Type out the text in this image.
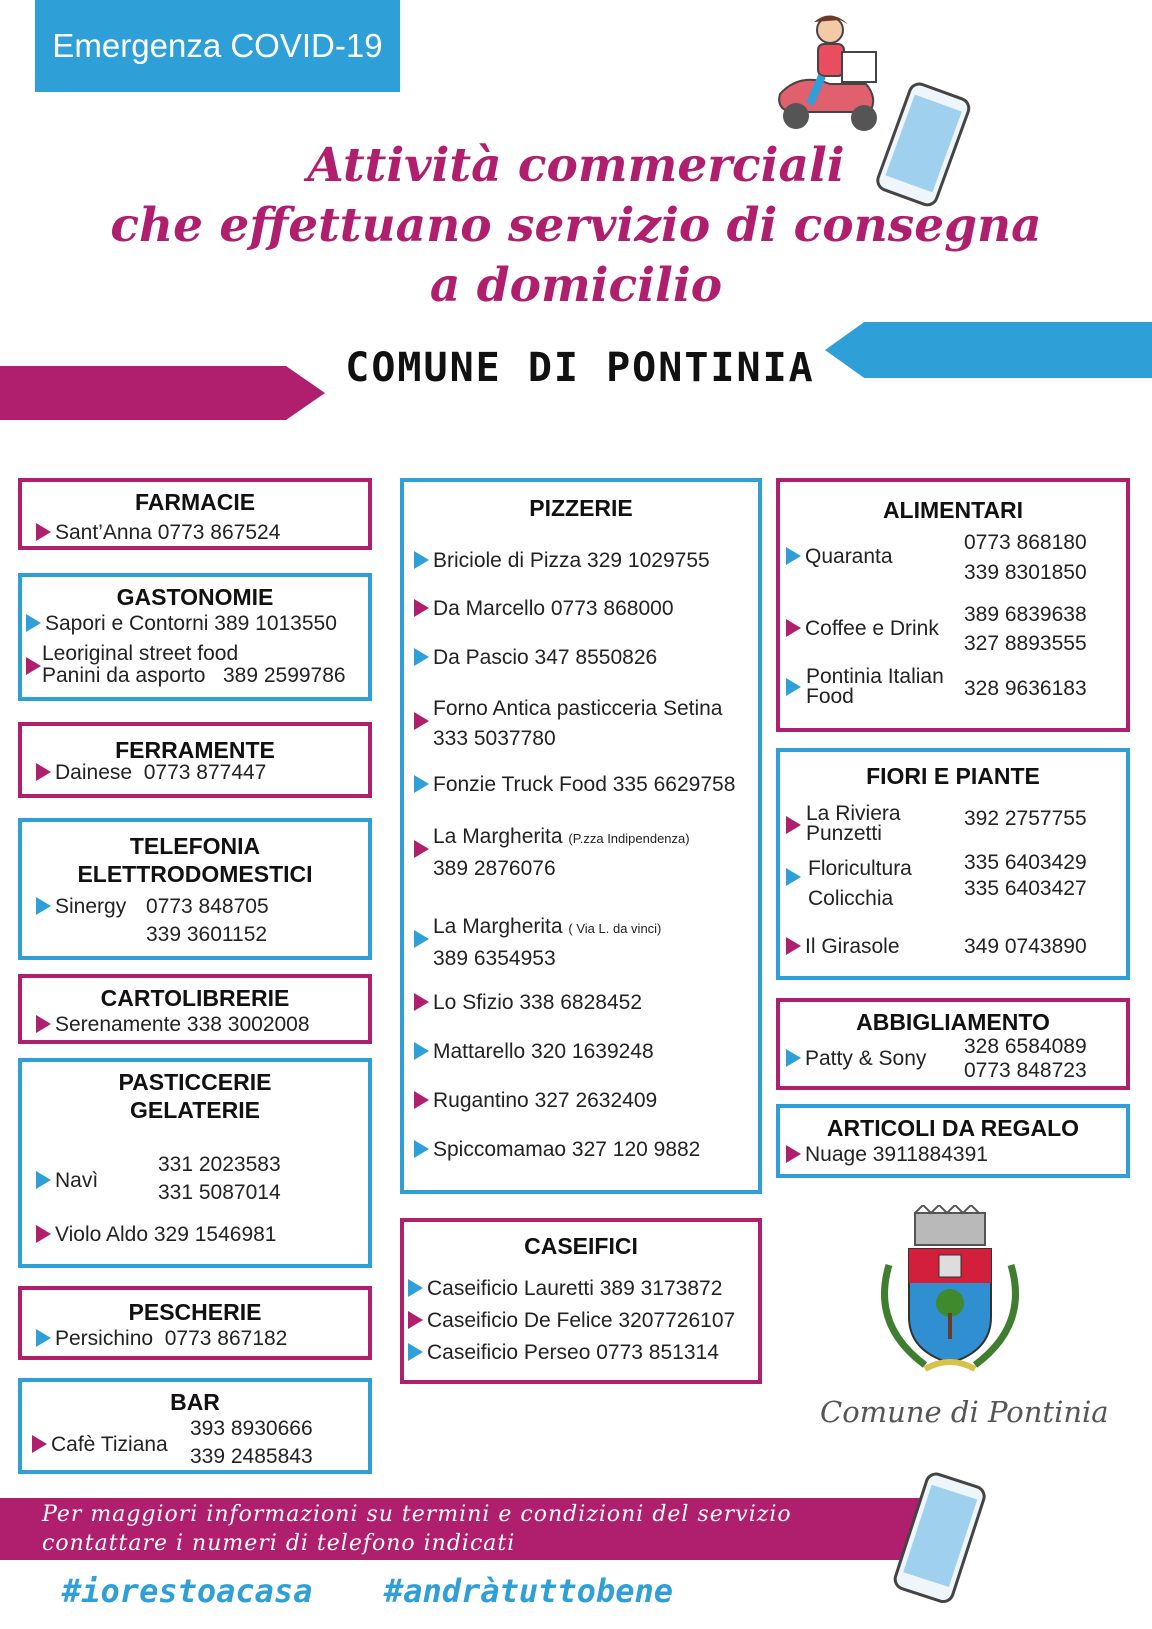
Emergenza COVID-19
Attività commerciali
che effettuano servizio di consegna
a domicilio
COMUNE DI PONTINIA
FARMACIE
Sant’Anna 0773 867524
GASTONOMIE
Sapori e Contorni 389 1013550
Leoriginal street food
Panini da asporto 389 2599786
FERRAMENTE
Dainese 0773 877447
TELEFONIA
ELETTRODOMESTICI
Sinergy 0773 848705
339 3601152
CARTOLIBRERIE
Serenamente 338 3002008
PASTICCERIE
GELATERIE
Navì
331 2023583
331 5087014
Violo Aldo 329 1546981
PESCHERIE
Persichino 0773 867182
BAR
Cafè Tiziana
393 8930666
339 2485843
PIZZERIE
Briciole di Pizza 329 1029755
Da Marcello 0773 868000
Da Pascio 347 8550826
Forno Antica pasticceria Setina
333 5037780
Fonzie Truck Food 335 6629758
La Margherita (P.zza Indipendenza)
389 2876076
La Margherita ( Via L. da vinci)
389 6354953
Lo Sfizio 338 6828452
Mattarello 320 1639248
Rugantino 327 2632409
Spiccomamao 327 120 9882
CASEIFICI
Caseificio Lauretti 389 3173872
Caseificio De Felice 3207726107
Caseificio Perseo 0773 851314
ALIMENTARI
Quaranta
0773 868180
339 8301850
Coffee e Drink
389 6839638
327 8893555
Pontinia Italian
Food	328 9636183
FIORI E PIANTE
La Riviera
Punzetti
392 2757755
Floricultura
Colicchia
335 6403429
335 6403427
Il Girasole	349 0743890
ABBIGLIAMENTO
Patty & Sony
328 6584089
0773 848723
ARTICOLI DA REGALO
Nuage 3911884391
Comune di Pontinia
Per maggiori informazioni su termini e condizioni del servizio
contattare i numeri di telefono indicati
#iorestoacasa #andràtuttobene
